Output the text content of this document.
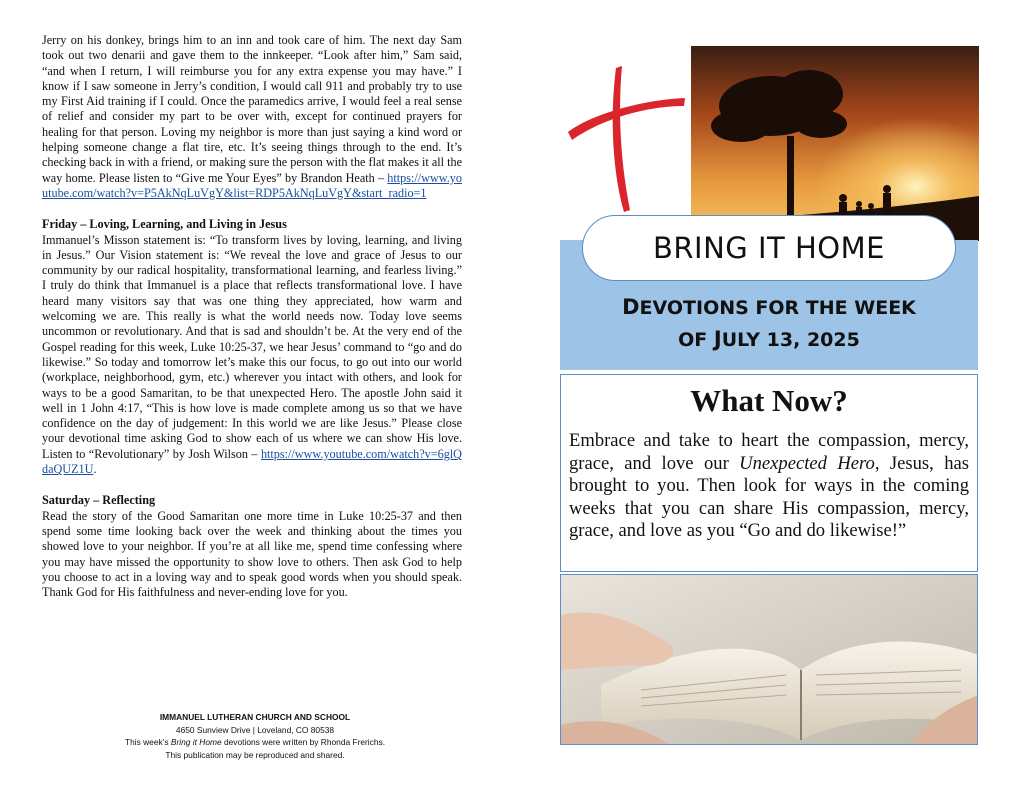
Jerry on his donkey, brings him to an inn and took care of him. The next day Sam took out two denarii and gave them to the innkeeper. “Look after him,” Sam said, “and when I return, I will reimburse you for any extra expense you may have.” I know if I saw someone in Jerry’s condition, I would call 911 and probably try to use my First Aid training if I could. Once the paramedics arrive, I would feel a real sense of relief and consider my part to be over with, except for continued prayers for healing for that person. Loving my neighbor is more than just saying a kind word or helping someone change a flat tire, etc. It’s seeing things through to the end. It’s checking back in with a friend, or making sure the person with the flat makes it all the way home. Please listen to “Give me Your Eyes” by Brandon Heath – https://www.youtube.com/watch?v=P5AkNqLuVgY&list=RDP5AkNqLuVgY&start_radio=1

Friday – Loving, Learning, and Living in Jesus

Immanuel’s Misson statement is: “To transform lives by loving, learning, and living in Jesus.” Our Vision statement is: “We reveal the love and grace of Jesus to our community by our radical hospitality, transformational learning, and fearless living.” I truly do think that Immanuel is a place that reflects transformational love. I have heard many visitors say that was one thing they appreciated, how warm and welcoming we are. This really is what the world needs now. Today love seems uncommon or revolutionary. And that is sad and shouldn’t be. At the very end of the Gospel reading for this week, Luke 10:25-37, we hear Jesus’ command to “go and do likewise.” So today and tomorrow let’s make this our focus, to go out into our world (workplace, neighborhood, gym, etc.) wherever you intact with others, and look for ways to be a good Samaritan, to be that unexpected Hero. The apostle John said it well in 1 John 4:17, “This is how love is made complete among us so that we have confidence on the day of judgement: In this world we are like Jesus.” Please close your devotional time asking God to show each of us where we can show His love. Listen to “Revolutionary” by Josh Wilson – https://www.youtube.com/watch?v=6glQdaQUZ1U.

Saturday – Reflecting

Read the story of the Good Samaritan one more time in Luke 10:25-37 and then spend some time looking back over the week and thinking about the times you showed love to your neighbor. If you’re at all like me, spend time confessing where you may have missed the opportunity to show love to others. Then ask God to help you choose to act in a loving way and to speak good words when you should speak. Thank God for His faithfulness and never-ending love for you.

IMMANUEL LUTHERAN CHURCH AND SCHOOL
4650 Sunview Drive | Loveland, CO 80538
This week’s Bring it Home devotions were written by Rhonda Frerichs.
This publication may be reproduced and shared.
BRING IT HOME
DEVOTIONS FOR THE WEEK
OF JULY 13, 2025
What Now?
Embrace and take to heart the compassion, mercy, grace, and love our Unexpected Hero, Jesus, has brought to you. Then look for ways in the coming weeks that you can share His compassion, mercy, grace, and love as you “Go and do likewise!”
